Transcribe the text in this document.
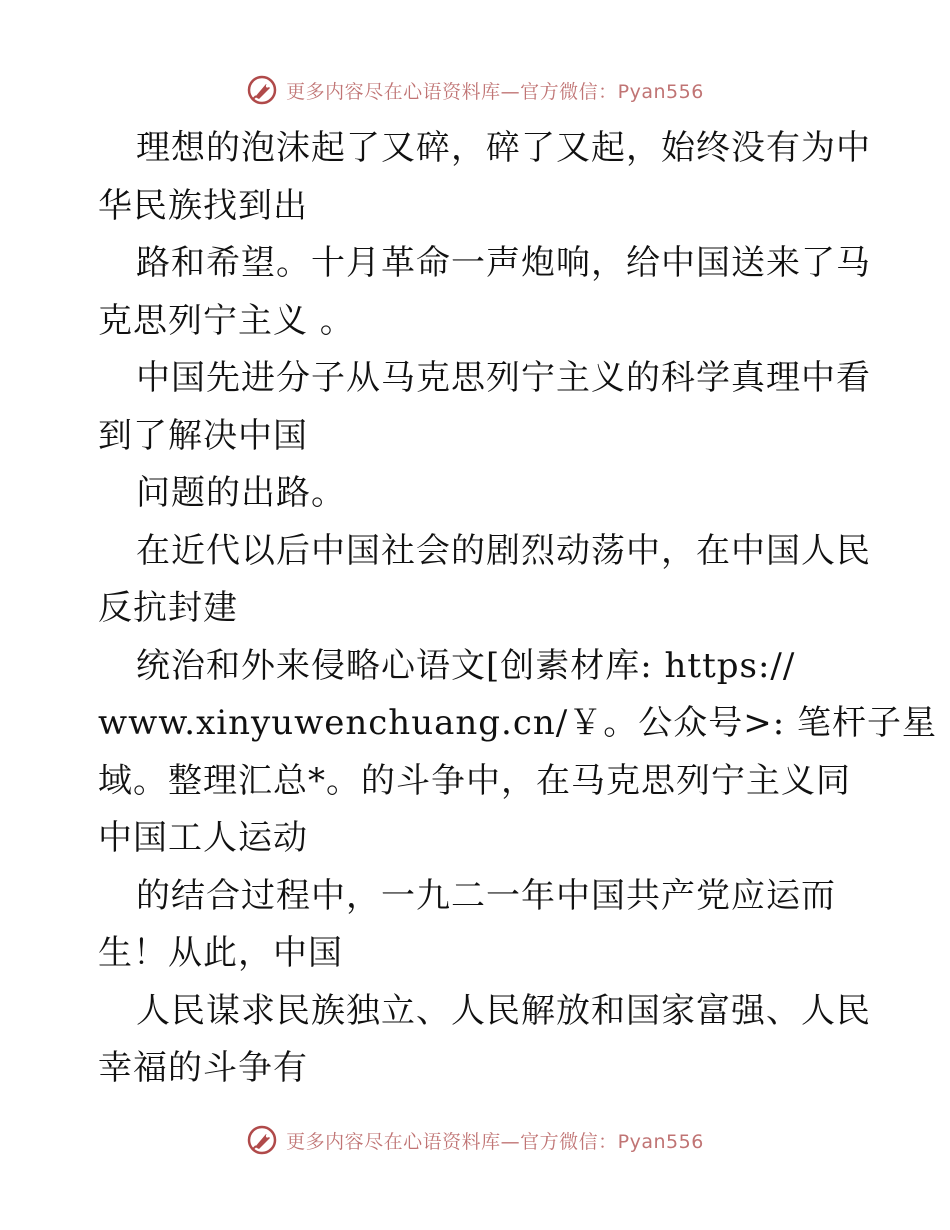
更多内容尽在心语资料库—官方微信：Pyan556
理想的泡沫起了又碎，碎了又起，始终没有为中
华民族找到出
路和希望。十月革命一声炮响，给中国送来了马
克思列宁主义 。
中国先进分子从马克思列宁主义的科学真理中看
到了解决中国
问题的出路。
在近代以后中国社会的剧烈动荡中，在中国人民
反抗封建
统治和外来侵略心语文[创素材库: https://
www.xinyuwenchuang.cn/￥。公众号>: 笔杆子星
域。整理汇总*。的斗争中，在马克思列宁主义同
中国工人运动
的结合过程中，一九二一年中国共产党应运而
生！从此，中国
人民谋求民族独立、人民解放和国家富强、人民
幸福的斗争有
更多内容尽在心语资料库—官方微信：Pyan556
